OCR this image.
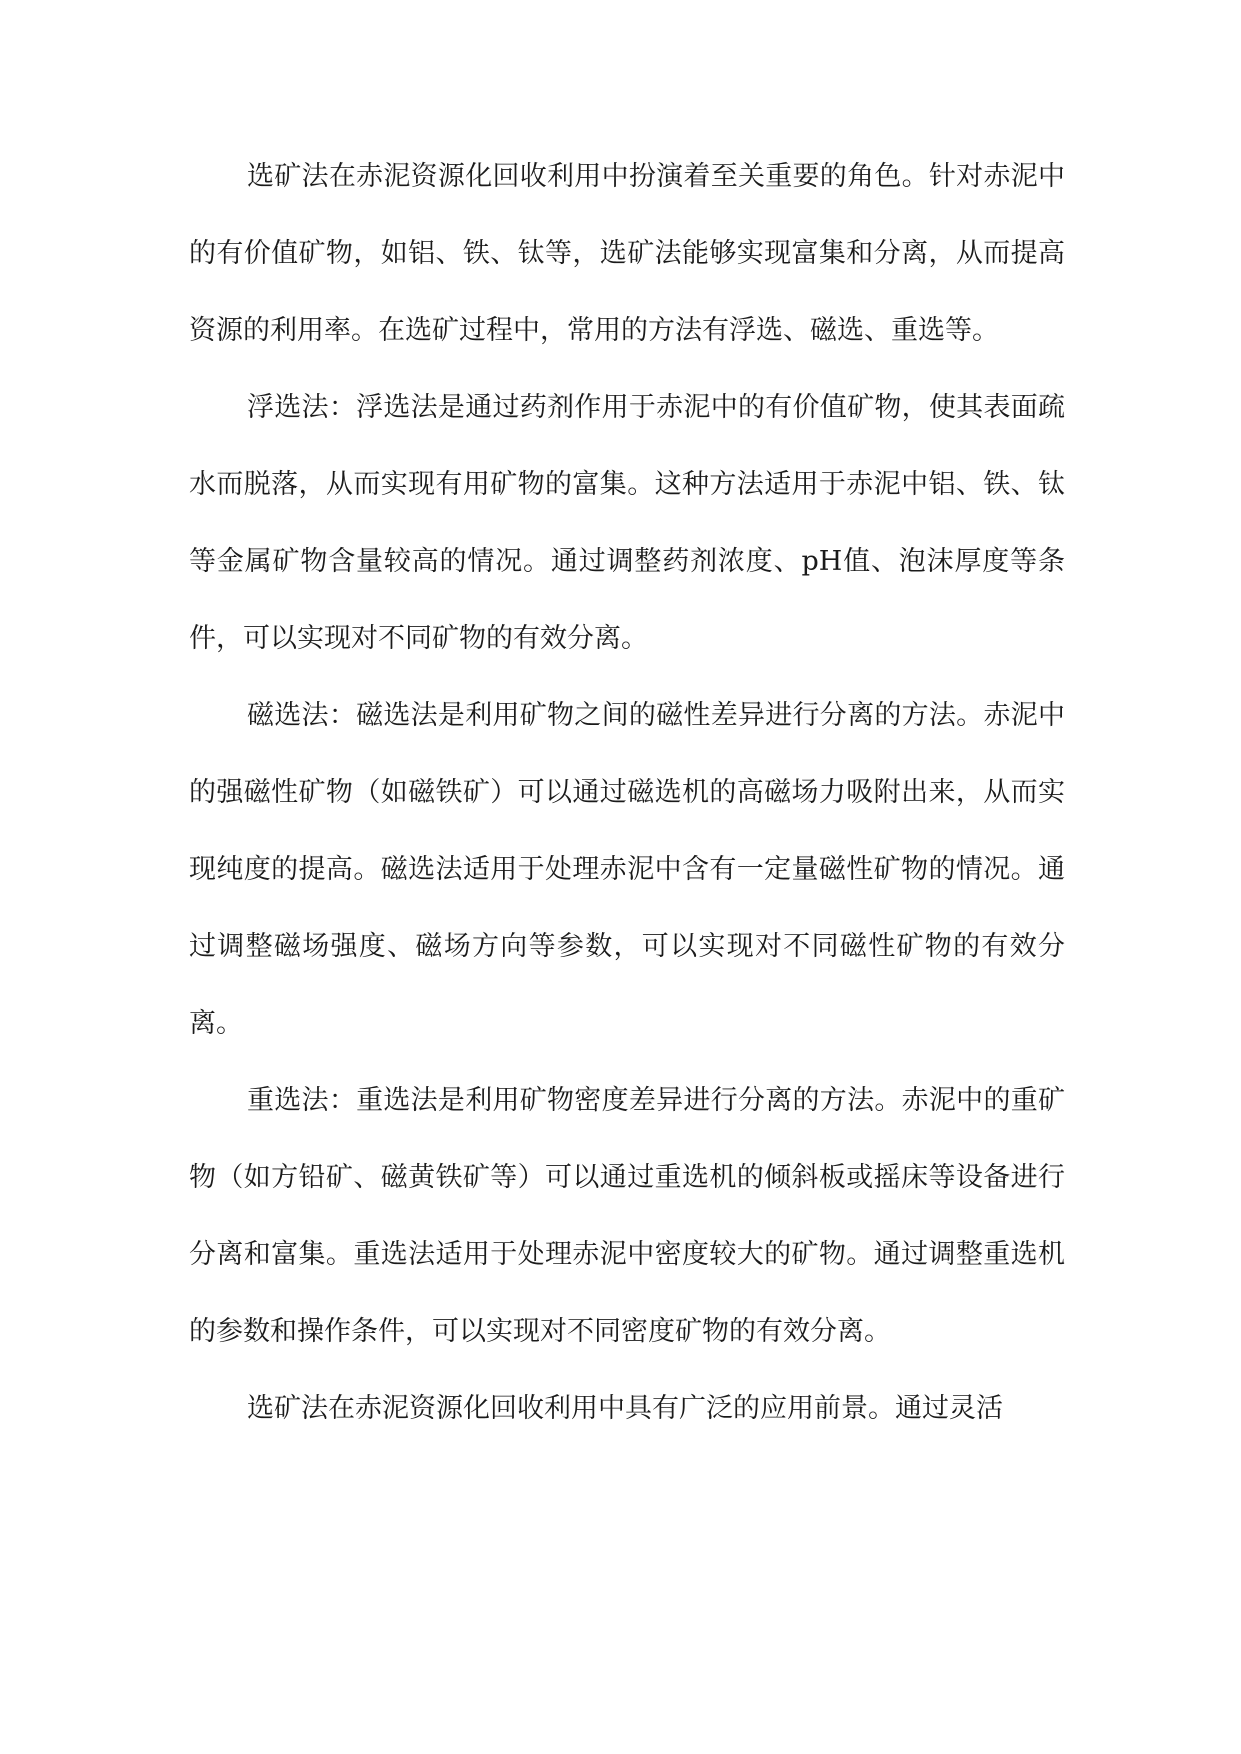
选矿法在赤泥资源化回收利用中扮演着至关重要的角色。针对赤泥中的有价值矿物，如铝、铁、钛等，选矿法能够实现富集和分离，从而提高资源的利用率。在选矿过程中，常用的方法有浮选、磁选、重选等。

浮选法：浮选法是通过药剂作用于赤泥中的有价值矿物，使其表面疏水而脱落，从而实现有用矿物的富集。这种方法适用于赤泥中铝、铁、钛等金属矿物含量较高的情况。通过调整药剂浓度、pH值、泡沫厚度等条件，可以实现对不同矿物的有效分离。

磁选法：磁选法是利用矿物之间的磁性差异进行分离的方法。赤泥中的强磁性矿物（如磁铁矿）可以通过磁选机的高磁场力吸附出来，从而实现纯度的提高。磁选法适用于处理赤泥中含有一定量磁性矿物的情况。通过调整磁场强度、磁场方向等参数，可以实现对不同磁性矿物的有效分离。

重选法：重选法是利用矿物密度差异进行分离的方法。赤泥中的重矿物（如方铅矿、磁黄铁矿等）可以通过重选机的倾斜板或摇床等设备进行分离和富集。重选法适用于处理赤泥中密度较大的矿物。通过调整重选机的参数和操作条件，可以实现对不同密度矿物的有效分离。

选矿法在赤泥资源化回收利用中具有广泛的应用前景。通过灵活
